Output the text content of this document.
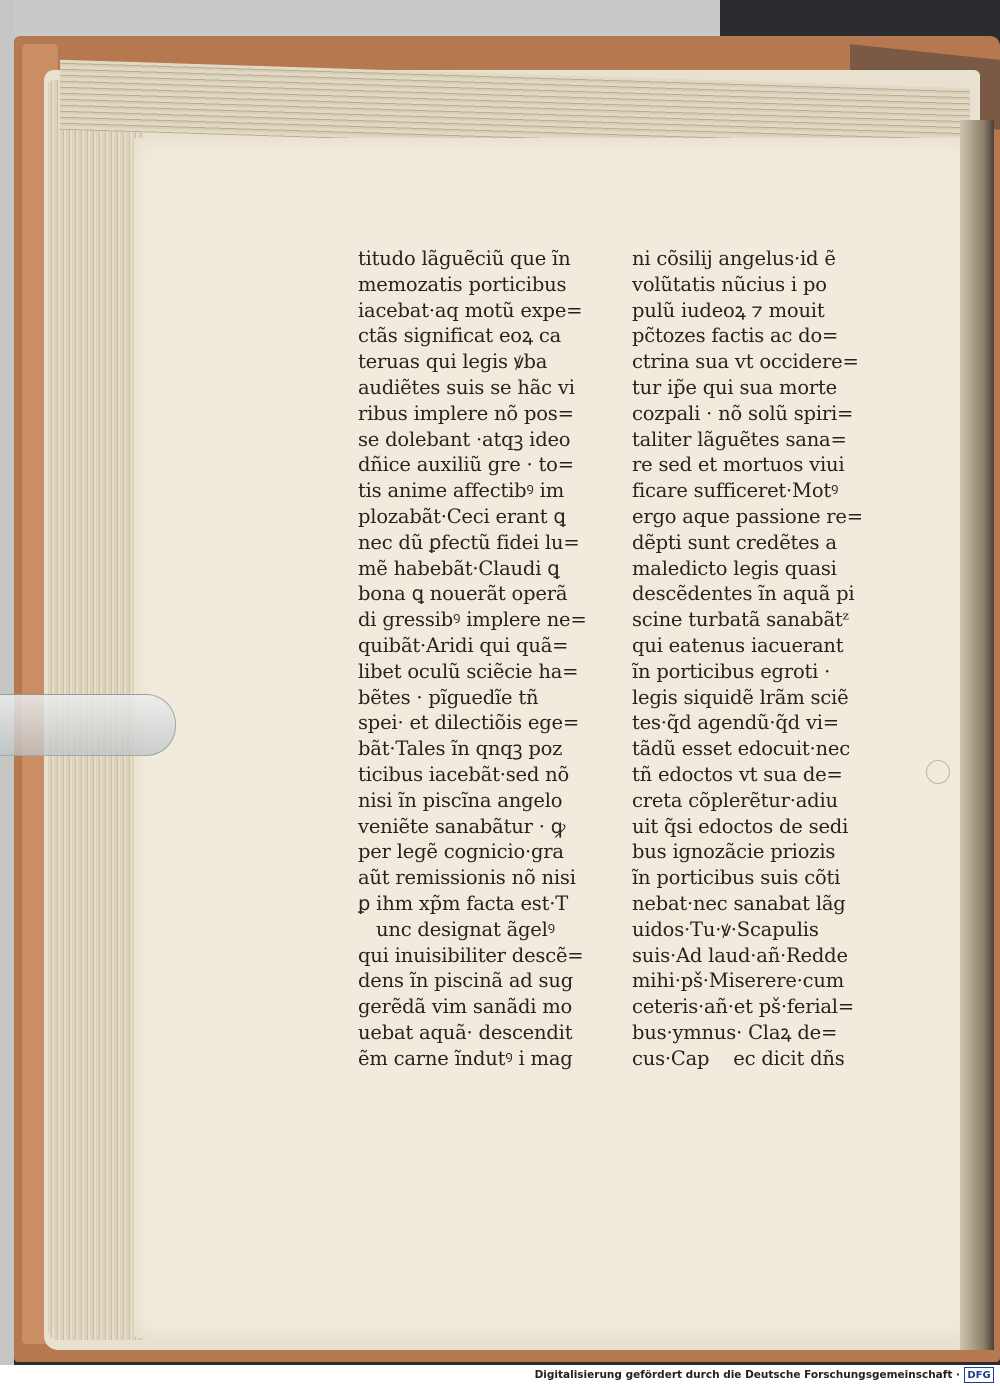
titudo lãguẽciũ que ĩn
memozatis porticibus
iacebat·aq motũ expe=
ctãs significat eoꝝ ca
teruas qui legis ꝟba
audiẽtes suis se hãc vi
ribus implere nõ pos=
se dolebant ·atqꝫ ideo
dñice auxiliũ gre · to=
tis anime affectibꝰ im
plozabãt·Ceci erant ꝗ
nec dũ ꝑfectũ fidei lu=
mẽ habebãt·Claudi ꝗ
bona ꝗ nouerãt operã
di gressibꝰ implere ne=
quibãt·Aridi qui quã=
libet oculũ sciẽcie ha=
bẽtes · pĩguedĩe tñ
spei· et dilectiõis ege=
bãt·Tales ĩn qnqꝫ poz
ticibus iacebãt·sed nõ
nisi ĩn piscĩna angelo
veniẽte sanabãtur · ꝙ
per legẽ cognicio·gra
aũt remissionis nõ nisi
ꝑ ihm xp̃m facta est·T
unc designat ãgelꝰ
qui inuisibiliter descẽ=
dens ĩn piscinã ad sug
gerẽdã vim sanãdi mo
uebat aquã· descendit
ẽm carne ĩndutꝰ i mag
ni cõsilij angelus·id ẽ
volũtatis nũcius i po
pulũ iudeoꝝ ⁊ mouit
pc̃tozes factis ac do=
ctrina sua vt occidere=
tur ip̃e qui sua morte
cozpali · nõ solũ spiri=
taliter lãguẽtes sana=
re sed et mortuos viui
ficare sufficeret·Motꝰ
ergo aque passione re=
dẽpti sunt credẽtes a
maledicto legis quasi
descẽdentes ĩn aquã pi
scine turbatã sanabãtᶻ
qui eatenus iacuerant
ĩn porticibus egroti ·
legis siquidẽ lrãm sciẽ
tes·q̃d agendũ·q̃d vi=
tãdũ esset edocuit·nec
tñ edoctos vt sua de=
creta cõplerẽtur·adiu
uit q̃si edoctos de sedi
bus ignozãcie priozis
ĩn porticibus suis cõti
nebat·nec sanabat lãg
uidos·Tu·ꝟ·Scapulis
suis·Ad laud·añ·Redde
mihi·pš·Miserere·cum
ceteris·añ·et pš·ferial=
bus·ymnus· Claꝝ de=
cus·Cap    ec dicit dñs
Digitalisierung gefördert durch die Deutsche Forschungsgemeinschaft · DFG
